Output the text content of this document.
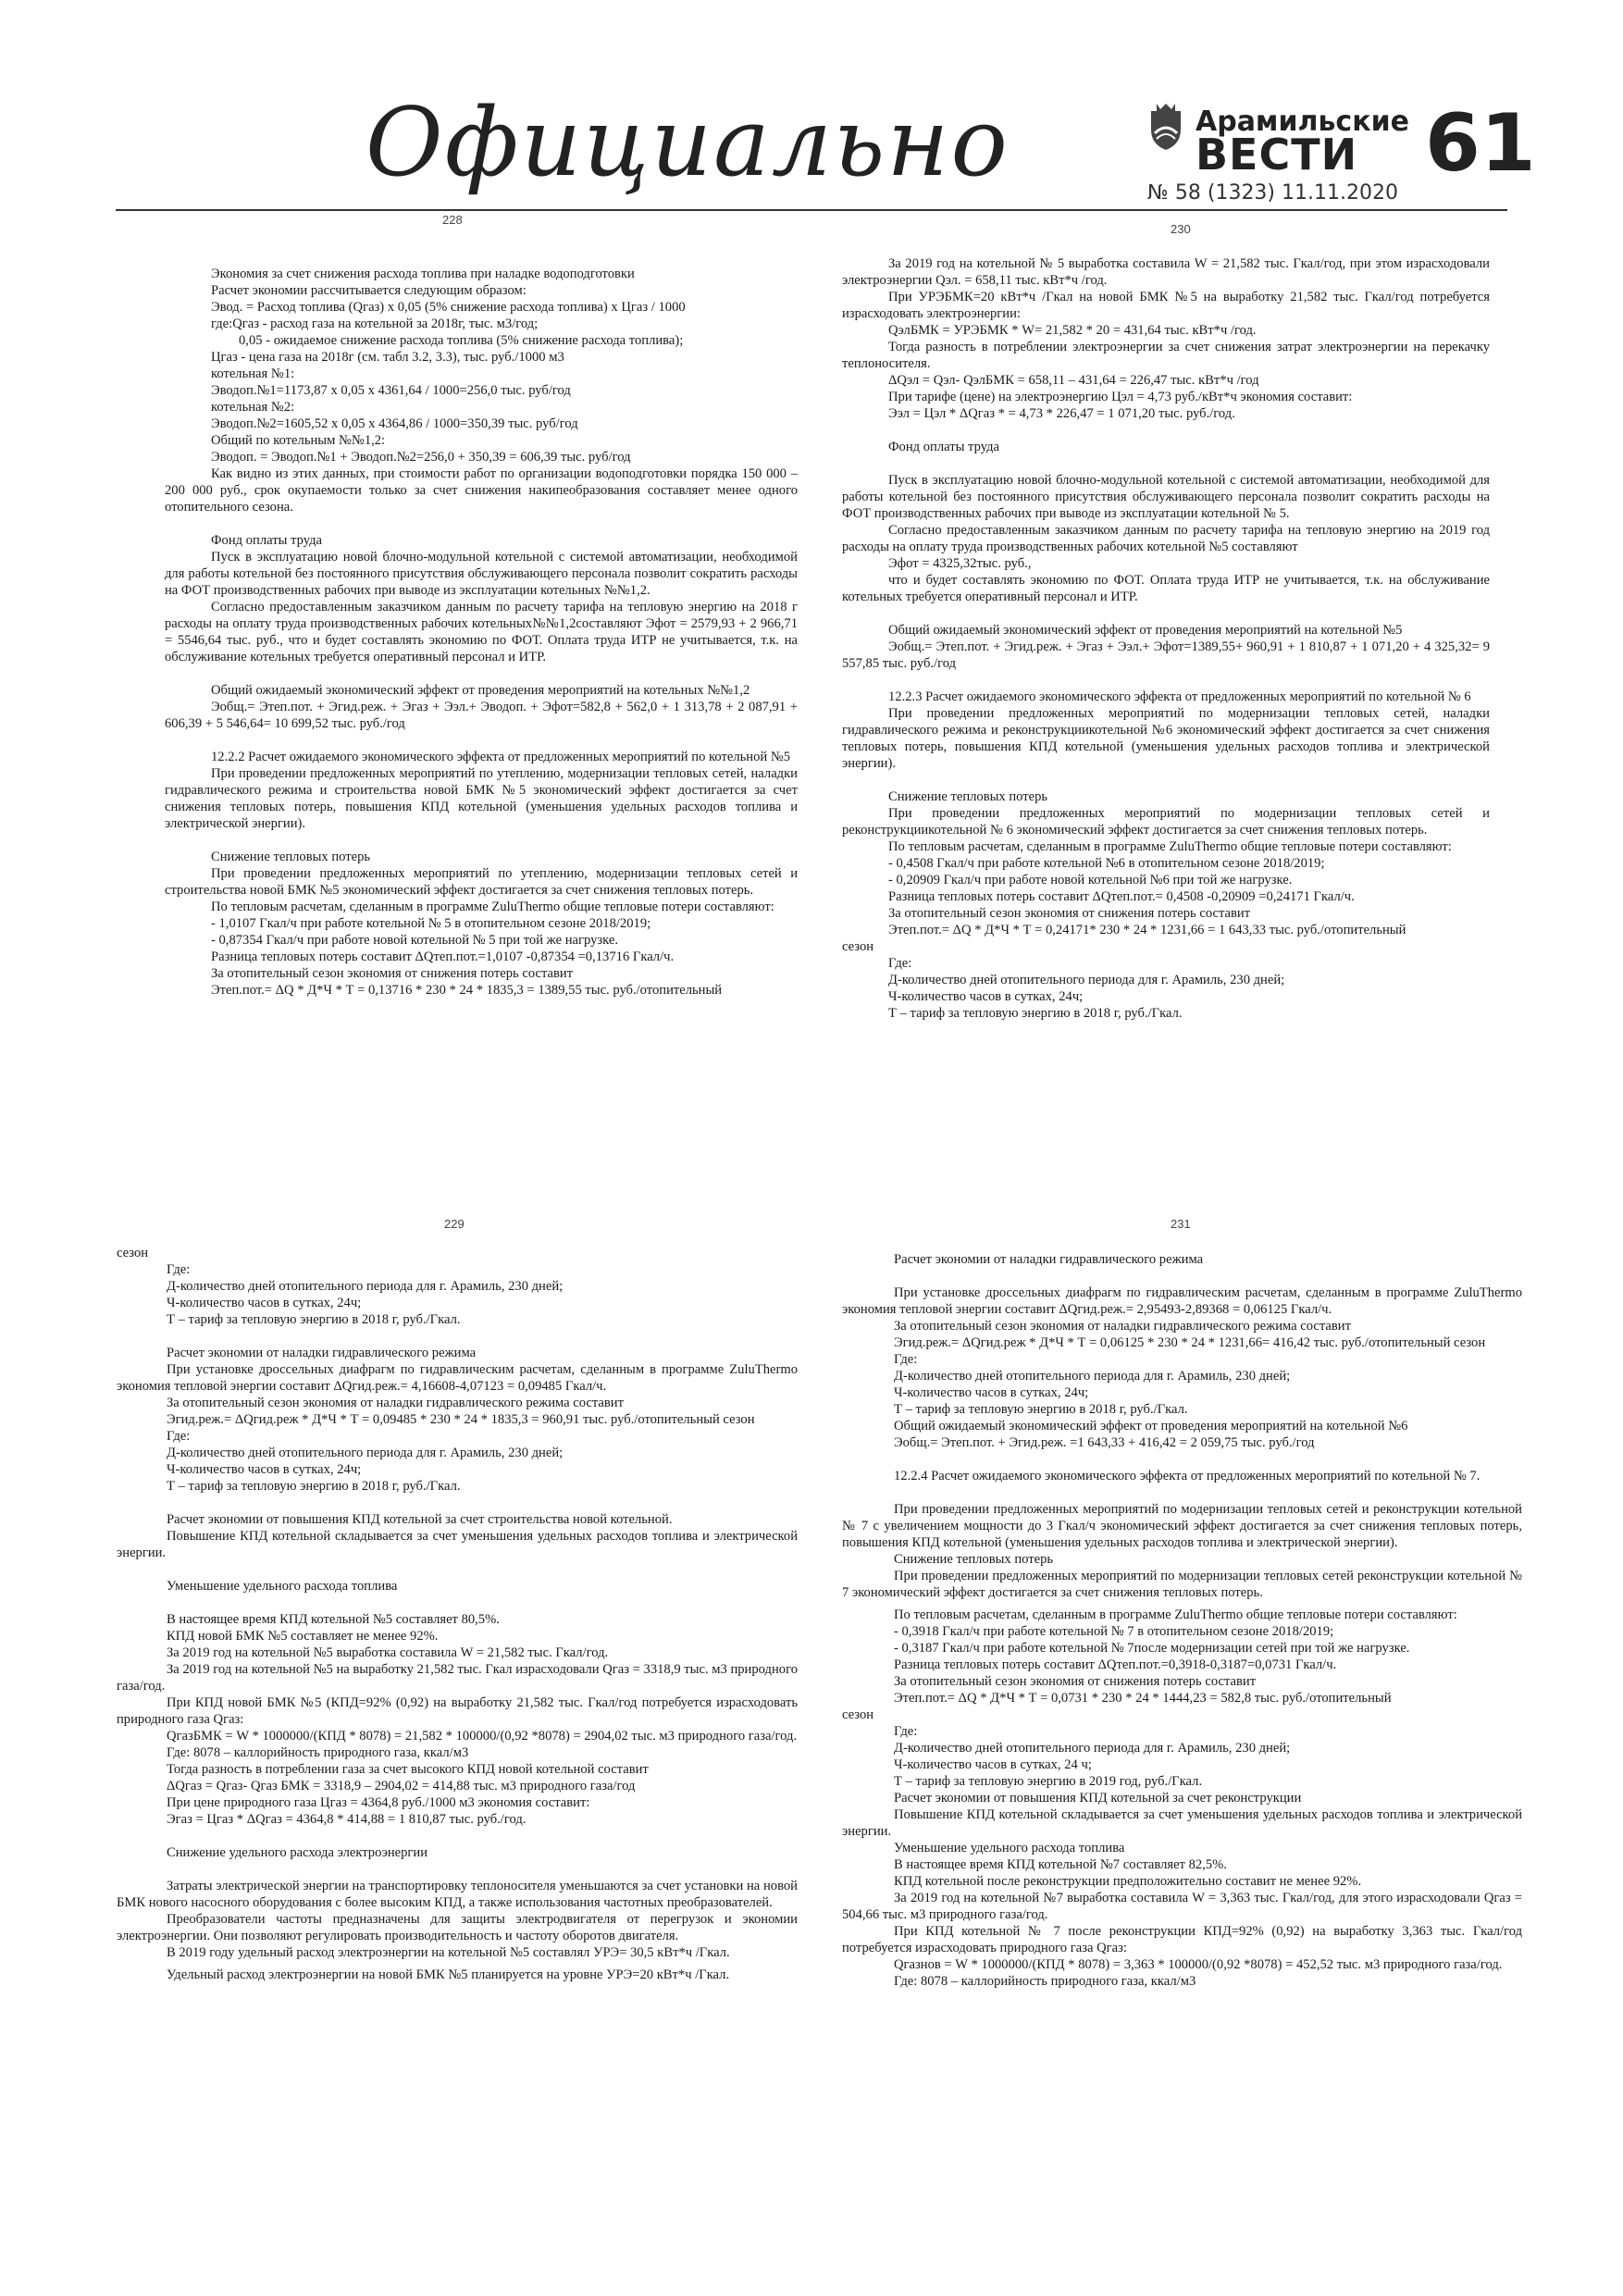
Официально	Арамильские
ВЕСТИ
№ 58 (1323) 11.11.2020
61
228
230
229	231

Экономия за счет снижения расхода топлива при наладке водоподготовки

Расчет экономии рассчитывается следующим образом:

Эвод. = Расход топлива (Qгаз) х 0,05 (5% снижение расхода топлива) х Цгаз / 1000

где:Qгаз - расход газа на котельной за 2018г, тыс. м3/год;

0,05 - ожидаемое снижение расхода топлива (5% снижение расхода топлива);

Цгаз - цена газа на 2018г (см. табл 3.2, 3.3), тыс. руб./1000 м3

котельная №1:

Эводоп.№1=1173,87 х 0,05 х 4361,64 / 1000=256,0 тыс. руб/год

котельная №2:

Эводоп.№2=1605,52 х 0,05 х 4364,86 / 1000=350,39 тыс. руб/год

Общий по котельным №№1,2:

Эводоп. = Эводоп.№1 + Эводоп.№2=256,0 + 350,39 = 606,39 тыс. руб/год

Как видно из этих данных, при стоимости работ по организации водоподготовки порядка 150 000 – 200 000 руб., срок окупаемости только за счет снижения накипеобразования составляет менее одного отопительного сезона.

Фонд оплаты труда

Пуск в эксплуатацию новой блочно-модульной котельной с системой автоматизации, необходимой для работы котельной без постоянного присутствия обслуживающего персонала позволит сократить расходы на ФОТ производственных рабочих при выводе из эксплуатации котельных №№1,2.

Согласно предоставленным заказчиком данным по расчету тарифа на тепловую энергию на 2018 г расходы на оплату труда производственных рабочих котельных№№1,2составляют Эфот = 2579,93 + 2 966,71 = 5546,64 тыс. руб., что и будет составлять экономию по ФОТ. Оплата труда ИТР не учитывается, т.к. на обслуживание котельных требуется оперативный персонал и ИТР.

Общий ожидаемый экономический эффект от проведения мероприятий на котельных №№1,2

Эобщ.= Этеп.пот. + Эгид.реж. + Эгаз + Ээл.+ Эводоп. + Эфот=582,8 + 562,0 + 1 313,78 + 2 087,91 + 606,39 + 5 546,64= 10 699,52 тыс. руб./год

12.2.2 Расчет ожидаемого экономического эффекта от предложенных мероприятий по котельной №5

При проведении предложенных мероприятий по утеплению, модернизации тепловых сетей, наладки гидравлического режима и строительства новой БМК №5 экономический эффект достигается за счет снижения тепловых потерь, повышения КПД котельной (уменьшения удельных расходов топлива и электрической энергии).

Снижение тепловых потерь

При проведении предложенных мероприятий по утеплению, модернизации тепловых сетей и строительства новой БМК №5 экономический эффект достигается за счет снижения тепловых потерь.

По тепловым расчетам, сделанным в программе ZuluThermo общие тепловые потери составляют:

- 1,0107 Гкал/ч при работе котельной № 5 в отопительном сезоне 2018/2019;

- 0,87354 Гкал/ч при работе новой котельной № 5 при той же нагрузке.

Разница тепловых потерь составит ΔQтеп.пот.=1,0107 -0,87354 =0,13716 Гкал/ч.

За отопительный сезон экономия от снижения потерь составит

Этеп.пот.= ΔQ * Д*Ч * Т = 0,13716 * 230 * 24 * 1835,3 = 1389,55 тыс. руб./отопительный

За 2019 год на котельной № 5 выработка составила W = 21,582 тыс. Гкал/год, при этом израсходовали электроэнергии Qэл. = 658,11 тыс. кВт*ч /год.

При УРЭБМК=20 кВт*ч /Гкал на новой БМК №5 на выработку 21,582 тыс. Гкал/год потребуется израсходовать электроэнергии:

QэлБМК = УРЭБМК * W= 21,582 * 20 = 431,64 тыс. кВт*ч /год.

Тогда разность в потреблении электроэнергии за счет снижения затрат электроэнергии на перекачку теплоносителя.

ΔQэл = Qэл- QэлБМК = 658,11 – 431,64 = 226,47 тыс. кВт*ч /год

При тарифе (цене) на электроэнергию Цэл = 4,73 руб./кВт*ч экономия составит:

Ээл = Цэл * ΔQгаз * = 4,73 * 226,47 = 1 071,20 тыс. руб./год.

Фонд оплаты труда

Пуск в эксплуатацию новой блочно-модульной котельной с системой автоматизации, необходимой для работы котельной без постоянного присутствия обслуживающего персонала позволит сократить расходы на ФОТ производственных рабочих при выводе из эксплуатации котельной № 5.

Согласно предоставленным заказчиком данным по расчету тарифа на тепловую энергию на 2019 год расходы на оплату труда производственных рабочих котельной №5 составляют

Эфот = 4325,32тыс. руб.,

что и будет составлять экономию по ФОТ. Оплата труда ИТР не учитывается, т.к. на обслуживание котельных требуется оперативный персонал и ИТР.

Общий ожидаемый экономический эффект от проведения мероприятий на котельной №5

Эобщ.= Этеп.пот. + Эгид.реж. + Эгаз + Ээл.+ Эфот=1389,55+ 960,91 + 1 810,87 + 1 071,20 + 4 325,32= 9 557,85 тыс. руб./год

12.2.3 Расчет ожидаемого экономического эффекта от предложенных мероприятий по котельной № 6

При проведении предложенных мероприятий по модернизации тепловых сетей, наладки гидравлического режима и реконструкциикотельной №6 экономический эффект достигается за счет снижения тепловых потерь, повышения КПД котельной (уменьшения удельных расходов топлива и электрической энергии).

Снижение тепловых потерь

При проведении предложенных мероприятий по модернизации тепловых сетей и реконструкциикотельной № 6 экономический эффект достигается за счет снижения тепловых потерь.

По тепловым расчетам, сделанным в программе ZuluThermo общие тепловые потери составляют:

- 0,4508 Гкал/ч при работе котельной №6 в отопительном сезоне 2018/2019;

- 0,20909 Гкал/ч при работе новой котельной №6 при той же нагрузке.

Разница тепловых потерь составит ΔQтеп.пот.= 0,4508 -0,20909 =0,24171 Гкал/ч.

За отопительный сезон экономия от снижения потерь составит

Этеп.пот.= ΔQ * Д*Ч * Т = 0,24171* 230 * 24 * 1231,66 = 1 643,33 тыс. руб./отопительный

сезон

Где:

Д-количество дней отопительного периода для г. Арамиль, 230 дней;

Ч-количество часов в сутках, 24ч;

Т – тариф за тепловую энергию в 2018 г, руб./Гкал.

сезон

Где:

Д-количество дней отопительного периода для г. Арамиль, 230 дней;

Ч-количество часов в сутках, 24ч;

Т – тариф за тепловую энергию в 2018 г, руб./Гкал.

Расчет экономии от наладки гидравлического режима

При установке дроссельных диафрагм по гидравлическим расчетам, сделанным в программе ZuluThermo экономия тепловой энергии составит ΔQгид.реж.= 4,16608-4,07123 = 0,09485 Гкал/ч.

За отопительный сезон экономия от наладки гидравлического режима составит

Эгид.реж.= ΔQгид.реж * Д*Ч * Т = 0,09485 * 230 * 24 * 1835,3 = 960,91 тыс. руб./отопительный сезон

Где:

Д-количество дней отопительного периода для г. Арамиль, 230 дней;

Ч-количество часов в сутках, 24ч;

Т – тариф за тепловую энергию в 2018 г, руб./Гкал.

Расчет экономии от повышения КПД котельной за счет строительства новой котельной.

Повышение КПД котельной складывается за счет уменьшения удельных расходов топлива и электрической энергии.

Уменьшение удельного расхода топлива

В настоящее время КПД котельной №5 составляет 80,5%.

КПД новой БМК №5 составляет не менее 92%.

За 2019 год на котельной №5 выработка составила W = 21,582 тыс. Гкал/год.

За 2019 год на котельной №5 на выработку 21,582 тыс. Гкал израсходовали Qгаз = 3318,9 тыс. м3 природного газа/год.

При КПД новой БМК №5 (КПД=92% (0,92) на выработку 21,582 тыс. Гкал/год потребуется израсходовать природного газа Qгаз:

QгазБМК = W * 1000000/(КПД * 8078) = 21,582 * 100000/(0,92 *8078) = 2904,02 тыс. м3 природного газа/год.

Где: 8078 – каллорийность природного газа, ккал/м3

Тогда разность в потреблении газа за счет высокого КПД новой котельной составит

ΔQгаз = Qгаз- Qгаз БМК = 3318,9 – 2904,02 = 414,88 тыс. м3 природного газа/год

При цене природного газа Цгаз = 4364,8 руб./1000 м3 экономия составит:

Эгаз = Цгаз * ΔQгаз = 4364,8 * 414,88 = 1 810,87 тыс. руб./год.

Снижение удельного расхода электроэнергии

Затраты электрической энергии на транспортировку теплоносителя уменьшаются за счет установки на новой БМК нового насосного оборудования с более высоким КПД, а также использования частотных преобразователей.

Преобразователи частоты предназначены для защиты электродвигателя от перегрузок и экономии электроэнергии. Они позволяют регулировать производительность и частоту оборотов двигателя.

В 2019 году удельный расход электроэнергии на котельной №5 составлял УРЭ= 30,5 кВт*ч /Гкал.

Удельный расход электроэнергии на новой БМК №5 планируется на уровне УРЭ=20 кВт*ч /Гкал.

Расчет экономии от наладки гидравлического режима

При установке дроссельных диафрагм по гидравлическим расчетам, сделанным в программе ZuluThermo экономия тепловой энергии составит ΔQгид.реж.= 2,95493-2,89368 = 0,06125 Гкал/ч.

За отопительный сезон экономия от наладки гидравлического режима составит

Эгид.реж.= ΔQгид.реж * Д*Ч * Т = 0,06125 * 230 * 24 * 1231,66= 416,42 тыс. руб./отопительный сезон

Где:

Д-количество дней отопительного периода для г. Арамиль, 230 дней;

Ч-количество часов в сутках, 24ч;

Т – тариф за тепловую энергию в 2018 г, руб./Гкал.

Общий ожидаемый экономический эффект от проведения мероприятий на котельной №6

Эобщ.= Этеп.пот. + Эгид.реж. =1 643,33 + 416,42 = 2 059,75 тыс. руб./год

12.2.4 Расчет ожидаемого экономического эффекта от предложенных мероприятий по котельной № 7.

При проведении предложенных мероприятий по модернизации тепловых сетей и реконструкции котельной № 7 с увеличением мощности до 3 Гкал/ч экономический эффект достигается за счет снижения тепловых потерь, повышения КПД котельной (уменьшения удельных расходов топлива и электрической энергии).

Снижение тепловых потерь

При проведении предложенных мероприятий по модернизации тепловых сетей реконструкции котельной № 7 экономический эффект достигается за счет снижения тепловых потерь.

По тепловым расчетам, сделанным в программе ZuluThermo общие тепловые потери составляют:

- 0,3918 Гкал/ч при работе котельной № 7 в отопительном сезоне 2018/2019;

- 0,3187 Гкал/ч при работе котельной № 7после модернизации сетей при той же нагрузке.

Разница тепловых потерь составит ΔQтеп.пот.=0,3918-0,3187=0,0731 Гкал/ч.

За отопительный сезон экономия от снижения потерь составит

Этеп.пот.= ΔQ * Д*Ч * Т = 0,0731 * 230 * 24 * 1444,23 = 582,8 тыс. руб./отопительный

сезон

Где:

Д-количество дней отопительного периода для г. Арамиль, 230 дней;

Ч-количество часов в сутках, 24 ч;

Т – тариф за тепловую энергию в 2019 год, руб./Гкал.

Расчет экономии от повышения КПД котельной за счет реконструкции

Повышение КПД котельной складывается за счет уменьшения удельных расходов топлива и электрической энергии.

Уменьшение удельного расхода топлива

В настоящее время КПД котельной №7 составляет 82,5%.

КПД котельной после реконструкции предположительно составит не менее 92%.

За 2019 год на котельной №7 выработка составила W = 3,363 тыс. Гкал/год, для этого израсходовали Qгаз = 504,66 тыс. м3 природного газа/год.

При КПД котельной № 7 после реконструкции КПД=92% (0,92) на выработку 3,363 тыс. Гкал/год потребуется израсходовать природного газа Qгаз:

Qгазнов = W * 1000000/(КПД * 8078) = 3,363 * 100000/(0,92 *8078) = 452,52 тыс. м3 природного газа/год.

Где: 8078 – каллорийность природного газа, ккал/м3
